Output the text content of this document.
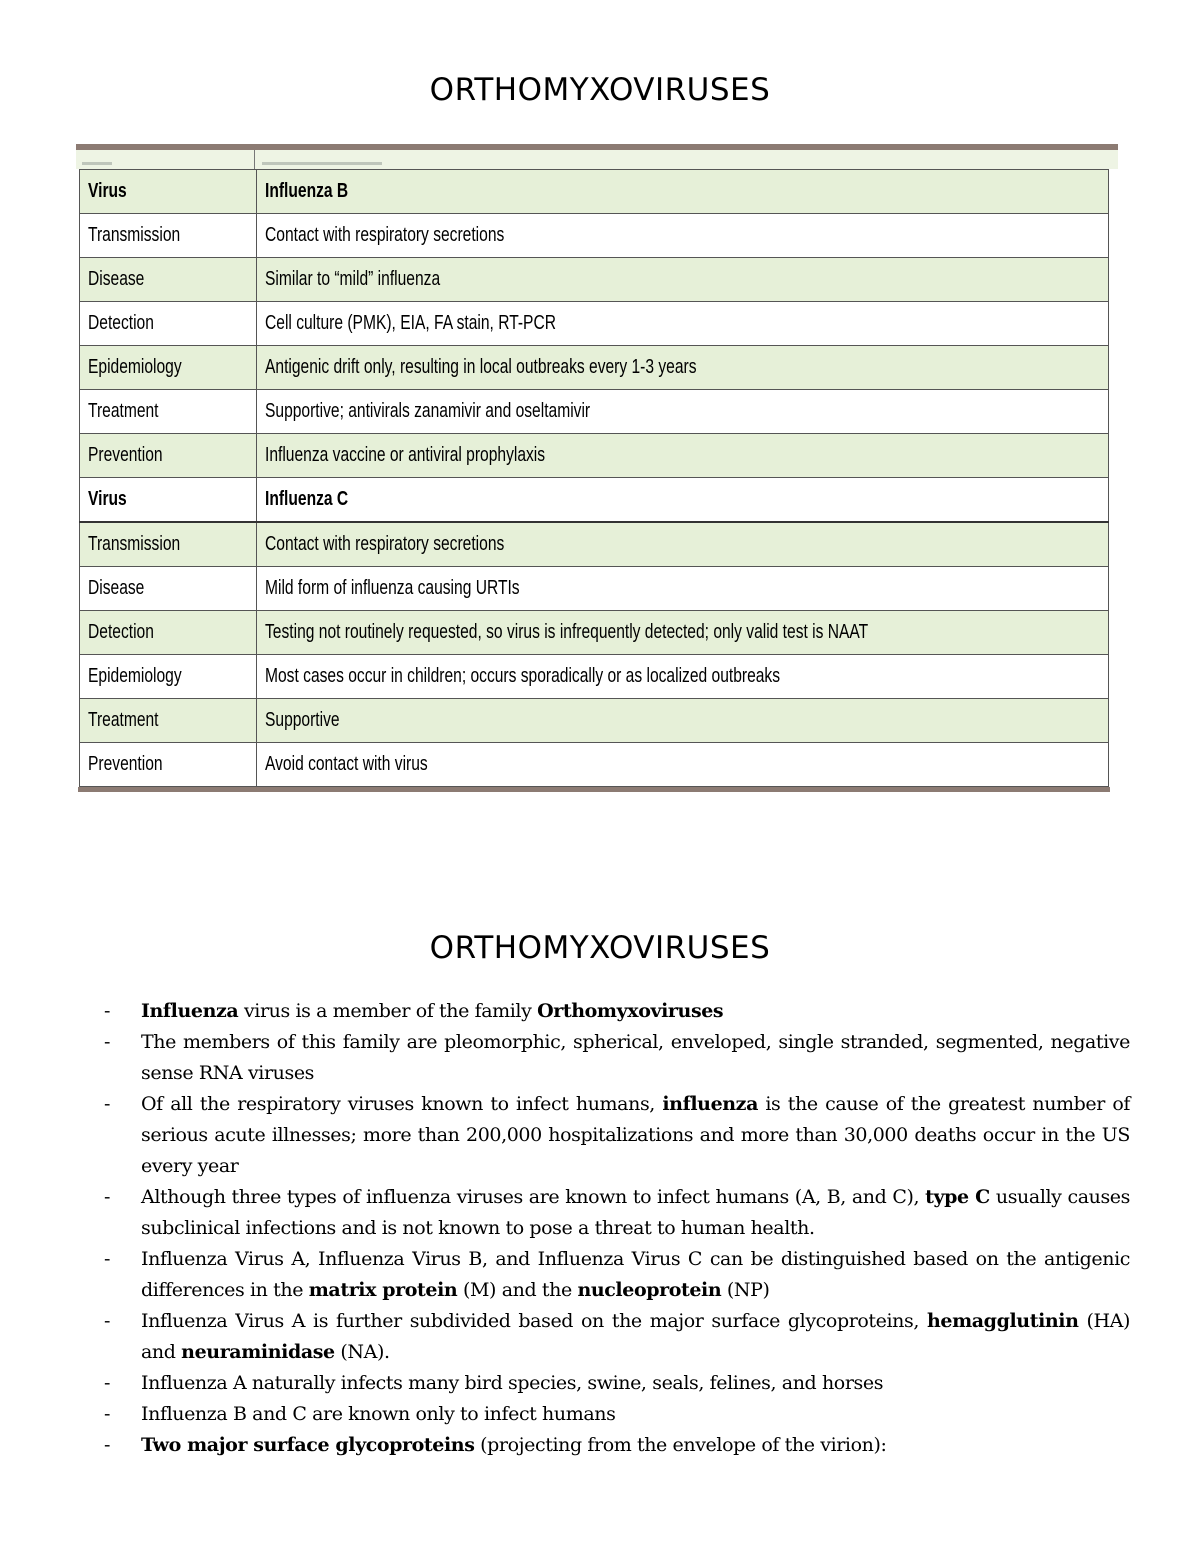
ORTHOMYXOVIRUSES
Virus	Influenza B
Transmission	Contact with respiratory secretions
Disease	Similar to “mild” influenza
Detection	Cell culture (PMK), EIA, FA stain, RT-PCR
Epidemiology	Antigenic drift only, resulting in local outbreaks every 1-3 years
Treatment	Supportive; antivirals zanamivir and oseltamivir
Prevention	Influenza vaccine or antiviral prophylaxis
Virus	Influenza C
Transmission	Contact with respiratory secretions
Disease	Mild form of influenza causing URTIs
Detection	Testing not routinely requested, so virus is infrequently detected; only valid test is NAAT
Epidemiology	Most cases occur in children; occurs sporadically or as localized outbreaks
Treatment	Supportive
Prevention	Avoid contact with virus
ORTHOMYXOVIRUSES
- Influenza virus is a member of the family Orthomyxoviruses
- The members of this family are pleomorphic, spherical, enveloped, single stranded, segmented, negative sense RNA viruses
- Of all the respiratory viruses known to infect humans, influenza is the cause of the greatest number of serious acute illnesses; more than 200,000 hospitalizations and more than 30,000 deaths occur in the US every year
- Although three types of influenza viruses are known to infect humans (A, B, and C), type C usually causes subclinical infections and is not known to pose a threat to human health.
- Influenza Virus A, Influenza Virus B, and Influenza Virus C can be distinguished based on the antigenic differences in the matrix protein (M) and the nucleoprotein (NP)
- Influenza Virus A is further subdivided based on the major surface glycoproteins, hemagglutinin (HA) and neuraminidase (NA).
- Influenza A naturally infects many bird species, swine, seals, felines, and horses
- Influenza B and C are known only to infect humans
- Two major surface glycoproteins (projecting from the envelope of the virion):
